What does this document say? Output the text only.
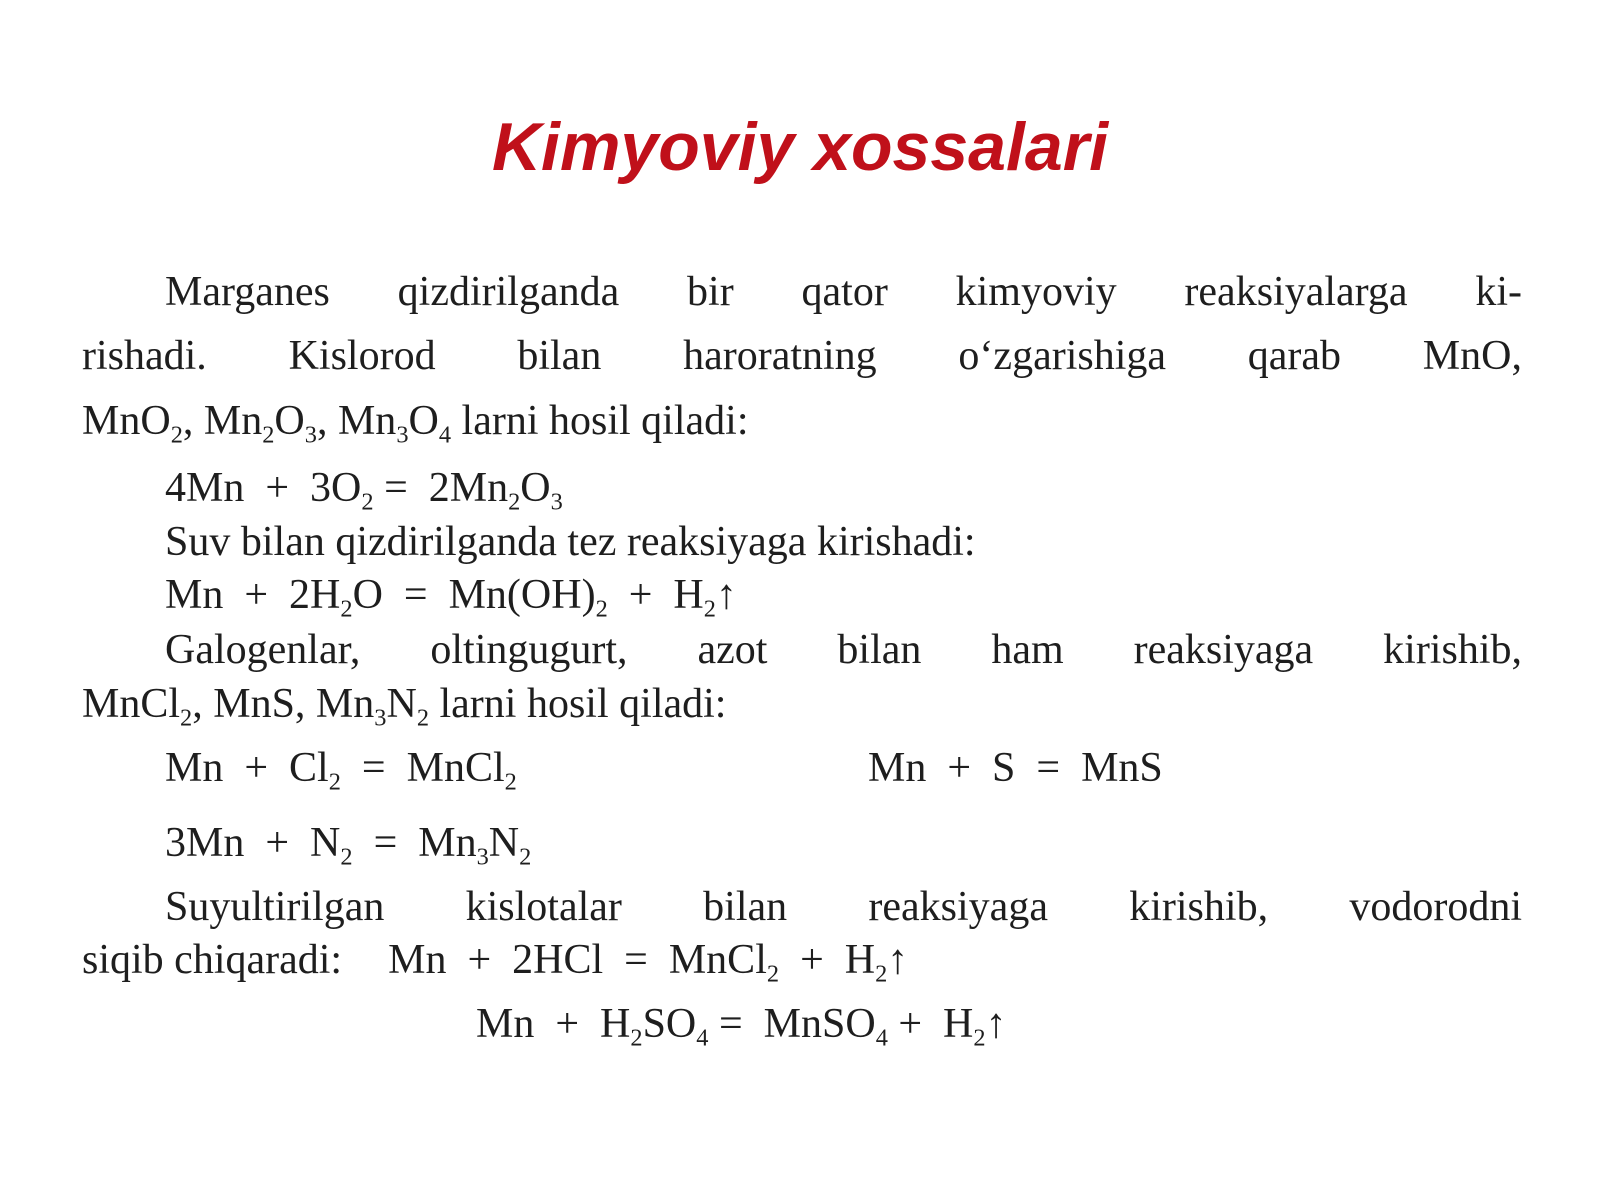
Kimyoviy xossalari
Marganes qizdirilganda bir qator kimyoviy reaksiyalarga ki-
rishadi. Kislorod bilan haroratning o‘zgarishiga qarab MnO,
MnO$_2$, $Mn_2O_3$, $Mn_3O_4$ larni hosil qiladi:
$4Mn + 3O_2 = 2Mn_2O_3$
Suv bilan qizdirilganda tez reaksiyaga kirishadi:
$Mn + 2H_2O = Mn(OH)_2$  +  $H_2↑$
Galogenlar, oltingugurt, azot bilan ham reaksiyaga kirishib,
MnCl$_2$, MnS, $Mn_3N_2$ larni hosil qiladi:
$Mn + Cl_2$  =  MnCl$_2$	Mn  +  S  =  MnS
$3Mn + N_2 = Mn_3N_2$
Suyultirilgan kislotalar bilan reaksiyaga kirishib, vodorodni
siqib chiqaradi: Mn  +  2HCl  =  MnCl$_2$  +  $H_2↑$
$Mn + H_2SO_4$ =  MnSO$_4$ +  $H_2↑$
